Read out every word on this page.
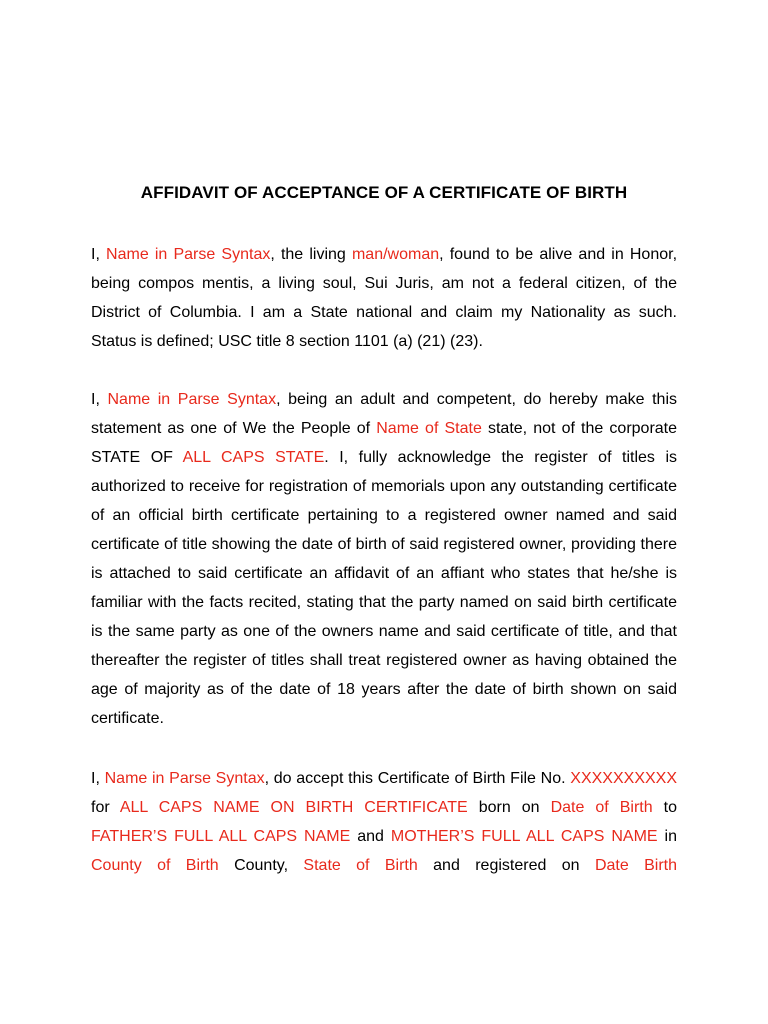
AFFIDAVIT OF ACCEPTANCE OF A CERTIFICATE OF BIRTH

I, Name in Parse Syntax, the living man/woman, found to be alive and in Honor, being compos mentis, a living soul, Sui Juris, am not a federal citizen, of the District of Columbia. I am a State national and claim my Nationality as such. Status is defined; USC title 8 section 1101 (a) (21) (23).

I, Name in Parse Syntax, being an adult and competent, do hereby make this statement as one of We the People of Name of State state, not of the corporate STATE OF ALL CAPS STATE. I, fully acknowledge the register of titles is authorized to receive for registration of memorials upon any outstanding certificate of an official birth certificate pertaining to a registered owner named and said certificate of title showing the date of birth of said registered owner, providing there is attached to said certificate an affidavit of an affiant who states that he/she is familiar with the facts recited, stating that the party named on said birth certificate is the same party as one of the owners name and said certificate of title, and that thereafter the register of titles shall treat registered owner as having obtained the age of majority as of the date of 18 years after the date of birth shown on said certificate.

I, Name in Parse Syntax, do accept this Certificate of Birth File No. XXXXXXXXXX for ALL CAPS NAME ON BIRTH CERTIFICATE born on Date of Birth to FATHER’S FULL ALL CAPS NAME and MOTHER’S FULL ALL CAPS NAME in County of Birth County, State of Birth and registered on Date Birth
